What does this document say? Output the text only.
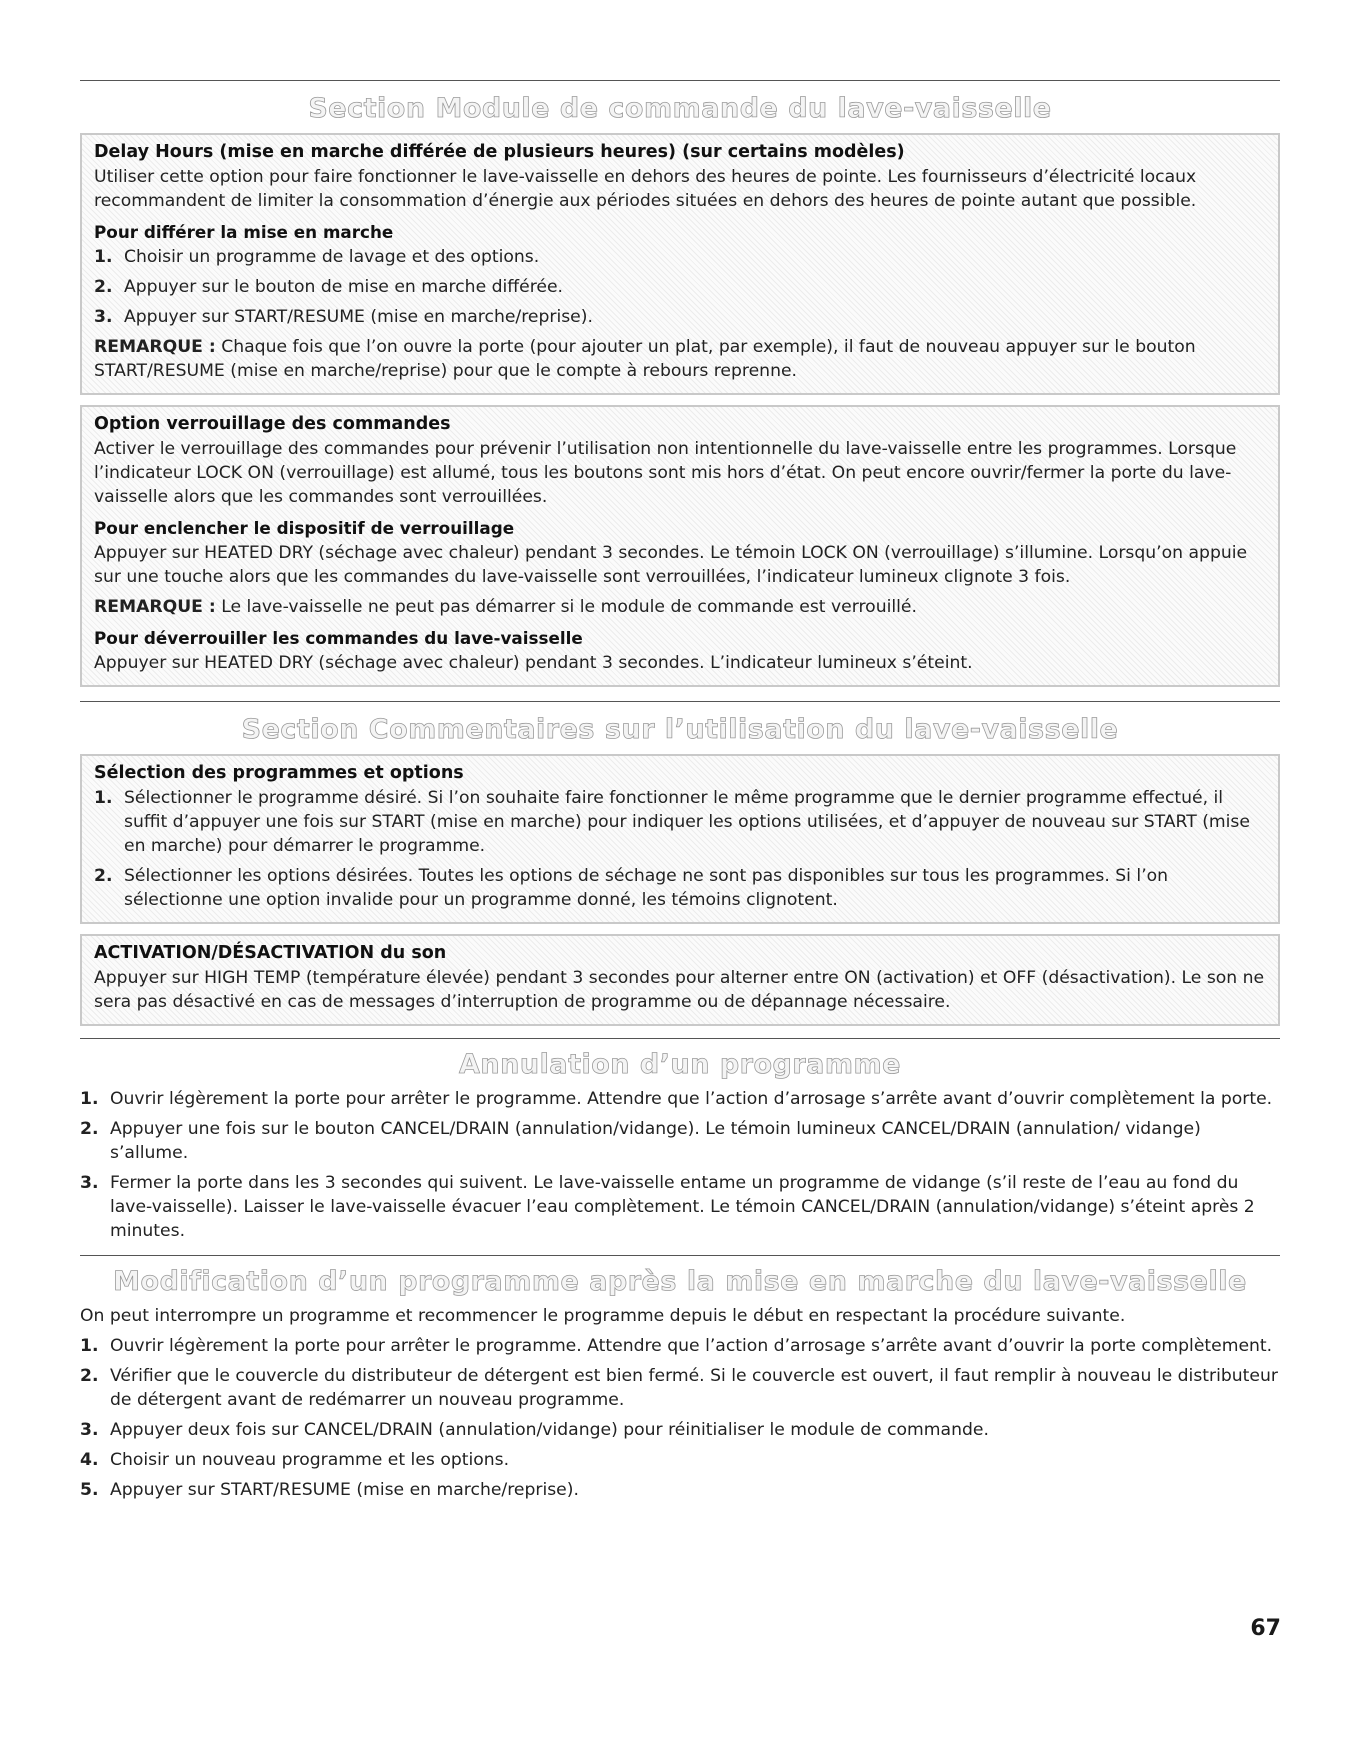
Section Module de commande du lave-vaisselle
Delay Hours (mise en marche différée de plusieurs heures) (sur certains modèles)

Utiliser cette option pour faire fonctionner le lave-vaisselle en dehors des heures de pointe. Les fournisseurs d’électricité locaux recommandent de limiter la consommation d’énergie aux périodes situées en dehors des heures de pointe autant que possible.

Pour différer la mise en marche
1. Choisir un programme de lavage et des options.
2. Appuyer sur le bouton de mise en marche différée.
3. Appuyer sur START/RESUME (mise en marche/reprise).

REMARQUE : Chaque fois que l’on ouvre la porte (pour ajouter un plat, par exemple), il faut de nouveau appuyer sur le bouton START/RESUME (mise en marche/reprise) pour que le compte à rebours reprenne.

Option verrouillage des commandes

Activer le verrouillage des commandes pour prévenir l’utilisation non intentionnelle du lave-vaisselle entre les programmes. Lorsque l’indicateur LOCK ON (verrouillage) est allumé, tous les boutons sont mis hors d’état. On peut encore ouvrir/fermer la porte du lave-vaisselle alors que les commandes sont verrouillées.

Pour enclencher le dispositif de verrouillage

Appuyer sur HEATED DRY (séchage avec chaleur) pendant 3 secondes. Le témoin LOCK ON (verrouillage) s’illumine. Lorsqu’on appuie sur une touche alors que les commandes du lave-vaisselle sont verrouillées, l’indicateur lumineux clignote 3 fois.

REMARQUE : Le lave-vaisselle ne peut pas démarrer si le module de commande est verrouillé.

Pour déverrouiller les commandes du lave-vaisselle

Appuyer sur HEATED DRY (séchage avec chaleur) pendant 3 secondes. L’indicateur lumineux s’éteint.

Section Commentaires sur l’utilisation du lave-vaisselle
Sélection des programmes et options
1. Sélectionner le programme désiré. Si l’on souhaite faire fonctionner le même programme que le dernier programme effectué, il suffit d’appuyer une fois sur START (mise en marche) pour indiquer les options utilisées, et d’appuyer de nouveau sur START (mise en marche) pour démarrer le programme.
2. Sélectionner les options désirées. Toutes les options de séchage ne sont pas disponibles sur tous les programmes. Si l’on sélectionne une option invalide pour un programme donné, les témoins clignotent.
ACTIVATION/DÉSACTIVATION du son

Appuyer sur HIGH TEMP (température élevée) pendant 3 secondes pour alterner entre ON (activation) et OFF (désactivation). Le son ne sera pas désactivé en cas de messages d’interruption de programme ou de dépannage nécessaire.

Annulation d’un programme
1. Ouvrir légèrement la porte pour arrêter le programme. Attendre que l’action d’arrosage s’arrête avant d’ouvrir complètement la porte.
2. Appuyer une fois sur le bouton CANCEL/DRAIN (annulation/vidange). Le témoin lumineux CANCEL/DRAIN (annulation/ vidange) s’allume.
3. Fermer la porte dans les 3 secondes qui suivent. Le lave-vaisselle entame un programme de vidange (s’il reste de l’eau au fond du lave-vaisselle). Laisser le lave-vaisselle évacuer l’eau complètement. Le témoin CANCEL/DRAIN (annulation/vidange) s’éteint après 2 minutes.
Modification d’un programme après la mise en marche du lave-vaisselle

On peut interrompre un programme et recommencer le programme depuis le début en respectant la procédure suivante.

1. Ouvrir légèrement la porte pour arrêter le programme. Attendre que l’action d’arrosage s’arrête avant d’ouvrir la porte complètement.
2. Vérifier que le couvercle du distributeur de détergent est bien fermé. Si le couvercle est ouvert, il faut remplir à nouveau le distributeur de détergent avant de redémarrer un nouveau programme.
3. Appuyer deux fois sur CANCEL/DRAIN (annulation/vidange) pour réinitialiser le module de commande.
4. Choisir un nouveau programme et les options.
5. Appuyer sur START/RESUME (mise en marche/reprise).
67
